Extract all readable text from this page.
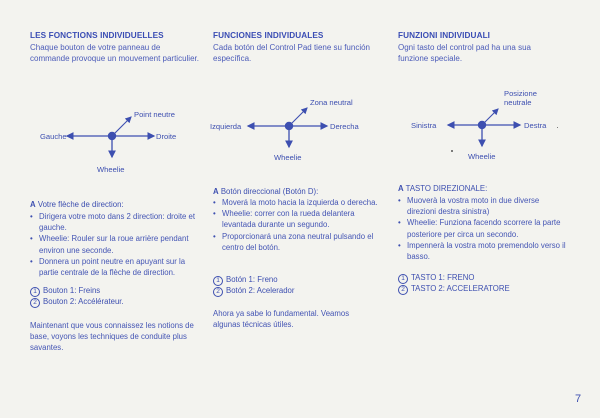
LES FONCTIONS INDIVIDUELLES

Chaque bouton de votre panneau de commande provoque un mouvement particulier.

Point neutre
Gauche	Droite
Wheelie

A Votre flèche de direction:

• Dirigera votre moto dans 2 direction: droite et gauche.
• Wheelie: Rouler sur la roue arrière pendant environ une seconde.
• Donnera un point neutre en apuyant sur la partie centrale de la flèche de direction.

1 Bouton 1: Freins

2 Bouton 2: Accélérateur.

Maintenant que vous connaissez les notions de base, voyons les techniques de conduite plus savantes.

FUNCIONES INDIVIDUALES

Cada botón del Control Pad tiene su función específica.

Zona neutral
Izquierda	Derecha
Wheelie

A Botón direccional (Botón D):

• Moverá la moto hacia la izquierda o derecha.
• Wheelie: correr con la rueda delantera levantada durante un segundo.
• Proporcionará una zona neutral pulsando el centro del botón.

1 Botón 1: Freno

2 Botón 2: Acelerador

Ahora ya sabe lo fundamental. Veamos algunas técnicas útiles.

FUNZIONI INDIVIDUALI

Ogni tasto del control pad ha una sua funzione speciale.

Posizione
neutrale
Sinistra	Destra
Wheelie

A TASTO DIREZIONALE:

• Muoverà la vostra moto in due diverse direzioni destra sinistra)
• Wheelie: Funziona facendo scorrere la parte posteriore per circa un secondo.
• Impennerà la vostra moto premendolo verso il basso.

1 TASTO 1: FRENO

2 TASTO 2: ACCELERATORE

7
